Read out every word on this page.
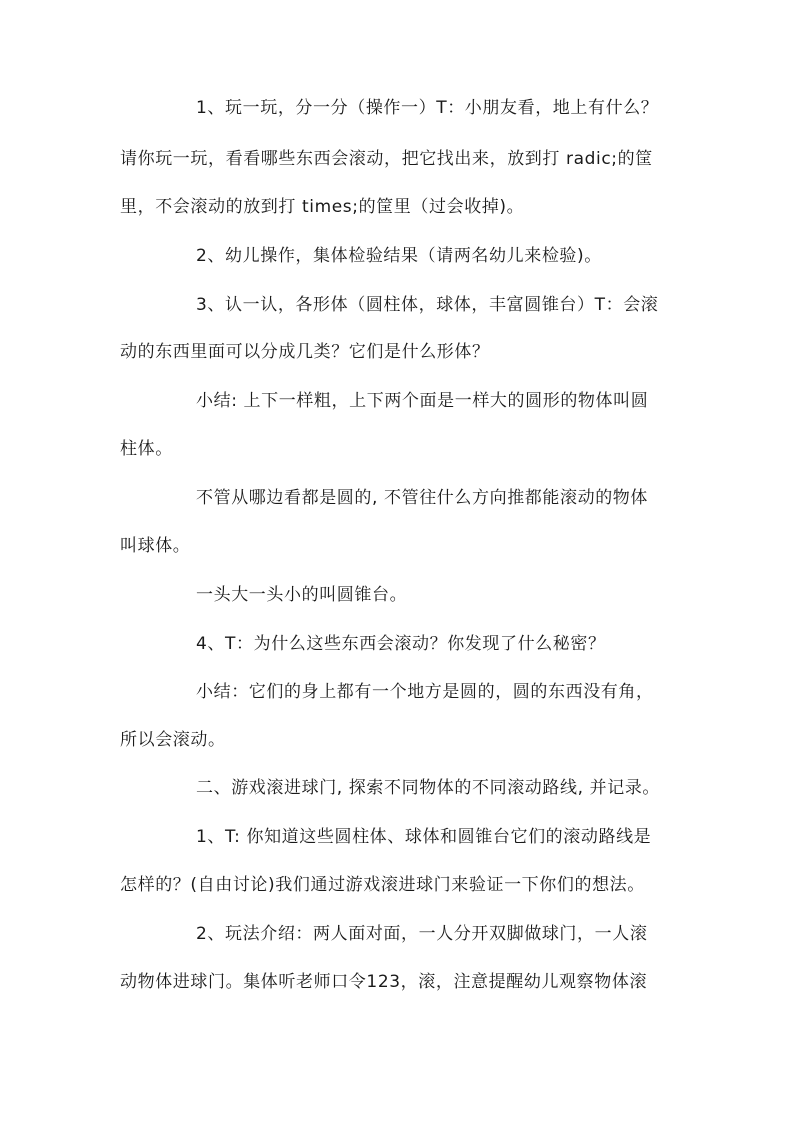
1、玩一玩，分一分（操作一）T：小朋友看，地上有什么？
请你玩一玩，看看哪些东西会滚动，把它找出来，放到打 radic;的筐
里，不会滚动的放到打 times;的筐里（过会收掉)。
2、幼儿操作，集体检验结果（请两名幼儿来检验)。
3、认一认，各形体（圆柱体，球体，丰富圆锥台）T：会滚
动的东西里面可以分成几类？它们是什么形体？
小结: 上下一样粗，上下两个面是一样大的圆形的物体叫圆
柱体。
不管从哪边看都是圆的, 不管往什么方向推都能滚动的物体
叫球体。
一头大一头小的叫圆锥台。
4、T：为什么这些东西会滚动？你发现了什么秘密？
小结：它们的身上都有一个地方是圆的，圆的东西没有角，
所以会滚动。
二、游戏滚进球门, 探索不同物体的不同滚动路线, 并记录。
1、T: 你知道这些圆柱体、球体和圆锥台它们的滚动路线是
怎样的？(自由讨论)我们通过游戏滚进球门来验证一下你们的想法。
2、玩法介绍：两人面对面，一人分开双脚做球门，一人滚
动物体进球门。集体听老师口令123，滚，注意提醒幼儿观察物体滚
